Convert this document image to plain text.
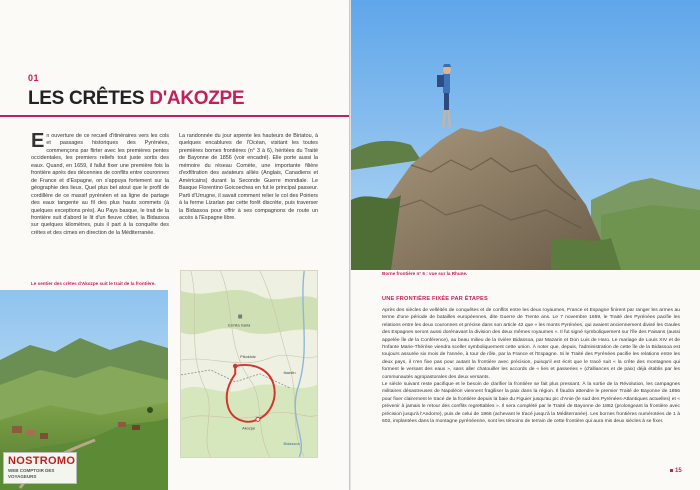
01
LES CRÊTES D'AKOZPE
En ouverture de ce recueil d'itinéraires vers les cols et passages historiques des Pyrénées, commençons par flirter avec les premières pentes occidentales, les premiers reliefs tout juste sortis des eaux. Quand, en 1659, il fallut fixer une première fois la frontière après des décennies de conflits entre couronnes de France et d'Espagne, on s'appuya fortement sur la géographie des lieux. Quel plus bel atout que le profil de cordillère de ce massif pyrénéen et sa ligne de partage des eaux tangente au fil des plus hauts sommets (à quelques exceptions près). Au Pays basque, le trait de la frontière suit d'abord le lit d'un fleuve côtier, la Bidassoa sur quelques kilomètres, puis il part à la conquête des crêtes et des cimes en direction de la Méditerranée.
La randonnée du jour arpente les hauteurs de Biriatou, à quelques encablures de l'Océan, visitant les toutes premières bornes frontières (n° 3 à 6), héritées du Traité de Bayonne de 1856 (voir encadré). Elle porte aussi la mémoire du réseau Comète, une importante filière d'exfiltration des aviateurs alliés (Anglais, Canadiens et Américains) durant la Seconde Guerre mondiale. Le Basque Florentino Goicoechea en fut le principal passeur. Parti d'Urrugne, il savait comment relier le col des Poiriers à la ferme Lizarlan par cette forêt discrète, puis traverser la Bidassoa pour offrir à ses compagnons de route un accès à l'Espagne libre.
Le sentier des crêtes d'Akozpe suit le trait de la frontière.
Ermita Garia
Pikoklotz
Ibardin
Akozpe
Bidassoa
NOSTROMO
WEB COMPTOIR DES VOYAGEURS
Borne frontière n° 6 : vue sur la Rhune.
UNE FRONTIÈRE FIXÉE PAR ÉTAPES

Après des siècles de velléités de conquêtes et de conflits entre les deux royaumes, France et Espagne finirent par ranger les armes au terme d'une période de batailles européennes, dite Guerre de Trente ans. Le 7 novembre 1659, le Traité des Pyrénées paciﬁe les relations entre les deux couronnes et précise dans son article 42 que « les monts Pyrénées, qui avaient anciennement divisé les Gaules des Espagnes seront aussi dorénavant la division des deux mêmes royaumes ». Il fut signé symboliquement sur l'île des Faisans (aussi appelée île de la Conférence), au beau milieu de la rivière Bidassoa, par Mazarin et Don Luis de Haro. Le mariage de Louis XIV et de l'Infante Marie-Thérèse viendra sceller symboliquement cette union. À noter que, depuis, l'administration de cette île de la Bidassoa est toujours assurée six mois de l'année, à tour de rôle, par la France et l'Espagne. Si le Traité des Pyrénées paciﬁe les relations entre les deux pays, il n'en ﬁxe pas pour autant la frontière avec précision, puisqu'il est écrit que le tracé suit « la crête des montagnes qui forment le versant des eaux », sans aller chatouiller les accords de « lies et passeries » (d'alliances et de paix) déjà établis par les communautés agropastorales des deux versants.

Le siècle suivant reste paciﬁque et le besoin de clariﬁer la frontière se fait plus pressant. À la sortie de la Révolution, les campagnes militaires désastreuses de Napoléon viennent fragiliser la paix dans la région. Il faudra attendre le premier Traité de Bayonne de 1856 pour ﬁxer clairement le tracé de la frontière depuis la baie du Figuier jusqu'au pic d'Anie (le sud des Pyrénées-Atlantiques actuelles) et « prévenir à jamais le retour des conﬂits regrettables ». Il sera complété par le Traité de Bayonne de 1862 (prolongeant la frontière avec précision jusqu'à l'Andorre), puis de celui de 1866 (achevant le tracé jusqu'à la Méditerranée). Les bornes frontières numérotées de 1 à 602, implantées dans la montagne pyrénéenne, sont les témoins de terrain de cette frontière qui aura mis deux siècles à se ﬁxer.

15
